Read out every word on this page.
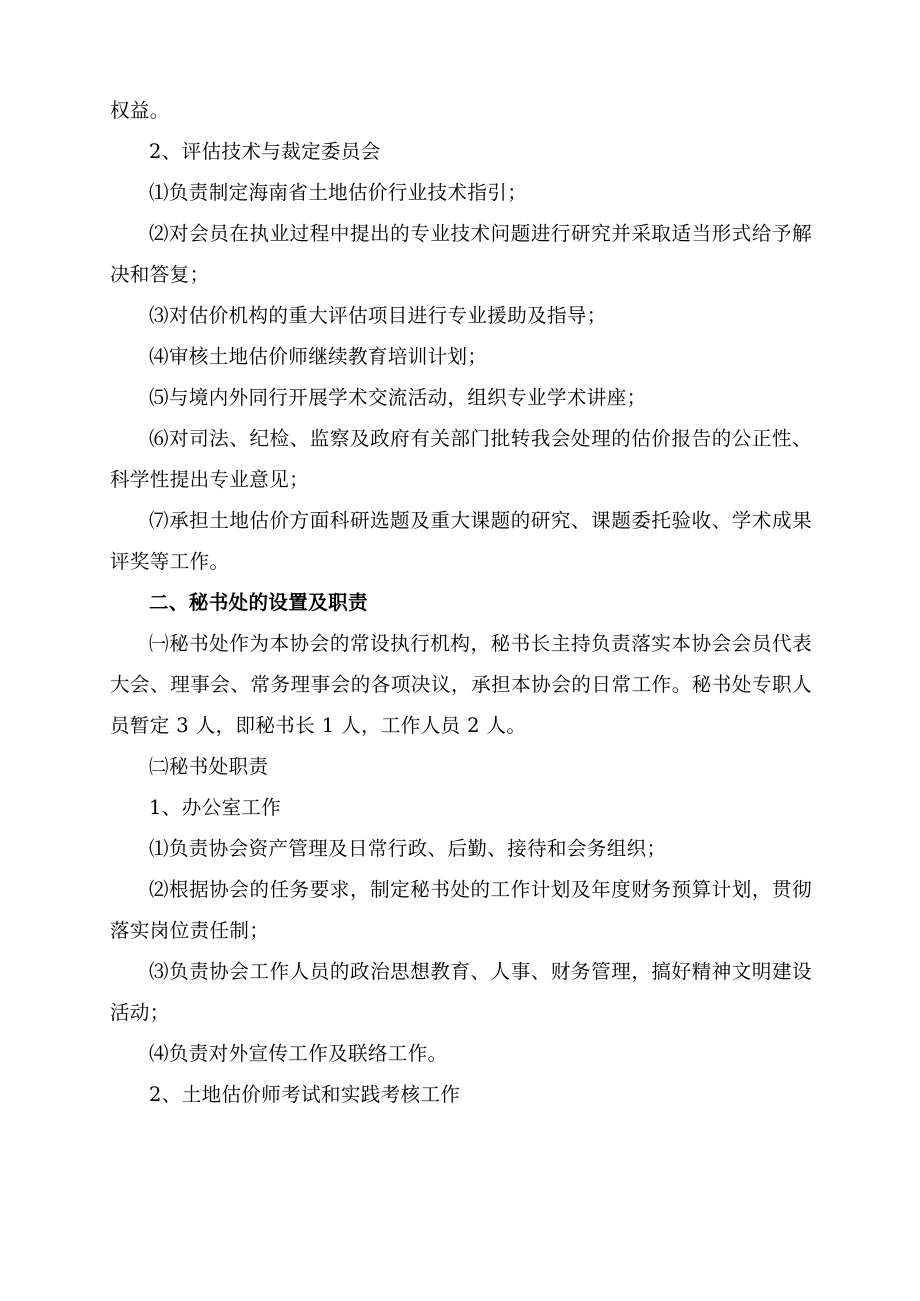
权益。

2、评估技术与裁定委员会

⑴负责制定海南省土地估价行业技术指引；

⑵对会员在执业过程中提出的专业技术问题进行研究并采取适当形式给予解决和答复；

⑶对估价机构的重大评估项目进行专业援助及指导；

⑷审核土地估价师继续教育培训计划；

⑸与境内外同行开展学术交流活动，组织专业学术讲座；

⑹对司法、纪检、监察及政府有关部门批转我会处理的估价报告的公正性、科学性提出专业意见；

⑺承担土地估价方面科研选题及重大课题的研究、课题委托验收、学术成果评奖等工作。

二、秘书处的设置及职责

㈠秘书处作为本协会的常设执行机构，秘书长主持负责落实本协会会员代表大会、理事会、常务理事会的各项决议，承担本协会的日常工作。秘书处专职人员暂定 3 人，即秘书长 1 人，工作人员 2 人。

㈡秘书处职责

1、办公室工作

⑴负责协会资产管理及日常行政、后勤、接待和会务组织；

⑵根据协会的任务要求，制定秘书处的工作计划及年度财务预算计划，贯彻落实岗位责任制；

⑶负责协会工作人员的政治思想教育、人事、财务管理，搞好精神文明建设活动；

⑷负责对外宣传工作及联络工作。

2、土地估价师考试和实践考核工作
